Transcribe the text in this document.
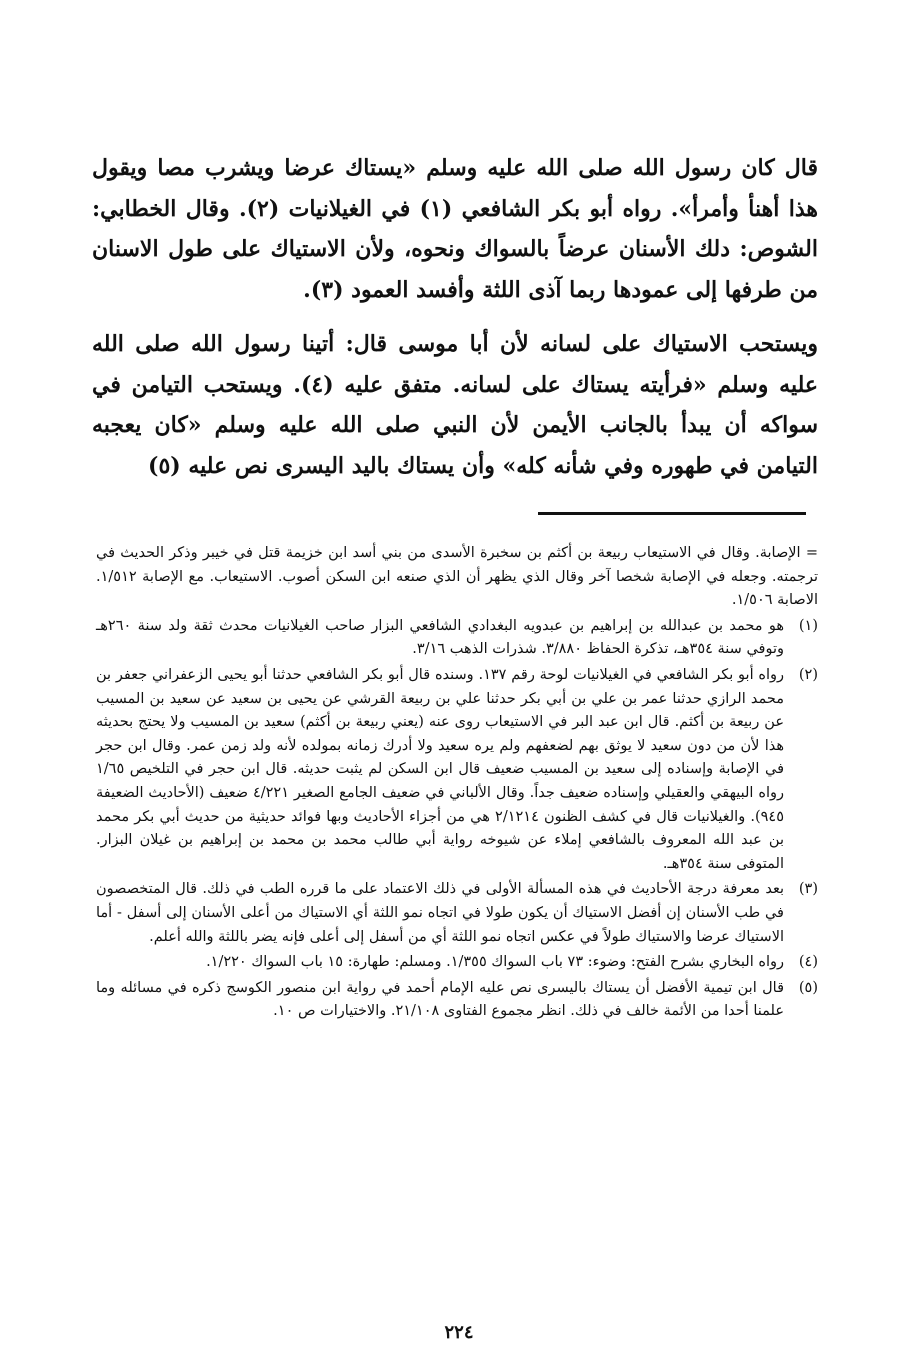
قال كان رسول الله صلى الله عليه وسلم «يستاك عرضا ويشرب مصا ويقول هذا أهنأ وأمرأ». رواه أبو بكر الشافعي (١) في الغيلانيات (٢). وقال الخطابي: الشوص: دلك الأسنان عرضاً بالسواك ونحوه، ولأن الاستياك على طول الاسنان من طرفها إلى عمودها ربما آذى اللثة وأفسد العمود (٣).

ويستحب الاستياك على لسانه لأن أبا موسى قال: أتينا رسول الله صلى الله عليه وسلم «فرأيته يستاك على لسانه. متفق عليه (٤). ويستحب التيامن في سواكه أن يبدأ بالجانب الأيمن لأن النبي صلى الله عليه وسلم «كان يعجبه التيامن في طهوره وفي شأنه كله» وأن يستاك باليد اليسرى نص عليه (٥)

= الإصابة. وقال في الاستيعاب ربيعة بن أكثم بن سخبرة الأسدى من بني أسد ابن خزيمة قتل في خيبر وذكر الحديث في ترجمته. وجعله في الإصابة شخصا آخر وقال الذي يظهر أن الذي صنعه ابن السكن أصوب. الاستيعاب. مع الإصابة ١/٥١٢. الاصابة ١/٥٠٦.
(١)
هو محمد بن عبدالله بن إبراهيم بن عبدويه البغدادي الشافعي البزار صاحب الغيلانيات محدث ثقة ولد سنة ٢٦٠هـ وتوفي سنة ٣٥٤هـ، تذكرة الحفاظ ٣/٨٨٠. شذرات الذهب ٣/١٦.
(٢)
رواه أبو بكر الشافعي في الغيلانيات لوحة رقم ١٣٧. وسنده قال أبو بكر الشافعي حدثنا أبو يحيى الزعفراني جعفر بن محمد الرازي حدثنا عمر بن علي بن أبي بكر حدثنا علي بن ربيعة القرشي عن يحيى بن سعيد عن سعيد بن المسيب عن ربيعة بن أكثم. قال ابن عبد البر في الاستيعاب روى عنه (يعني ربيعة بن أكثم) سعيد بن المسيب ولا يحتج بحديثه هذا لأن من دون سعيد لا يوثق بهم لضعفهم ولم يره سعيد ولا أدرك زمانه بمولده لأنه ولد زمن عمر. وقال ابن حجر في الإصابة وإسناده إلى سعيد بن المسيب ضعيف قال ابن السكن لم يثبت حديثه. قال ابن حجر في التلخيص ١/٦٥ رواه البيهقي والعقيلي وإسناده ضعيف جداً. وقال الألباني في ضعيف الجامع الصغير ٤/٢٢١ ضعيف (الأحاديث الضعيفة ٩٤٥). والغيلانيات قال في كشف الظنون ٢/١٢١٤ هي من أجزاء الأحاديث وبها فوائد حديثية من حديث أبي بكر محمد بن عبد الله المعروف بالشافعي إملاء عن شيوخه رواية أبي طالب محمد بن محمد بن إبراهيم بن غيلان البزار. المتوفى سنة ٣٥٤هـ.
(٣)
بعد معرفة درجة الأحاديث في هذه المسألة الأولى في ذلك الاعتماد على ما قرره الطب في ذلك. قال المتخصصون في طب الأسنان إن أفضل الاستياك أن يكون طولا في اتجاه نمو اللثة أي الاستياك من أعلى الأسنان إلى أسفل - أما الاستياك عرضا والاستياك طولاً في عكس اتجاه نمو اللثة أي من أسفل إلى أعلى فإنه يضر باللثة والله أعلم.
(٤)
رواه البخاري بشرح الفتح: وضوء: ٧٣ باب السواك ١/٣٥٥. ومسلم: طهارة: ١٥ باب السواك ١/٢٢٠.
(٥)
قال ابن تيمية الأفضل أن يستاك باليسرى نص عليه الإمام أحمد في رواية ابن منصور الكوسج ذكره في مسائله وما علمنا أحدا من الأئمة خالف في ذلك. انظر مجموع الفتاوى ٢١/١٠٨. والاختيارات ص ١٠.
٢٢٤
